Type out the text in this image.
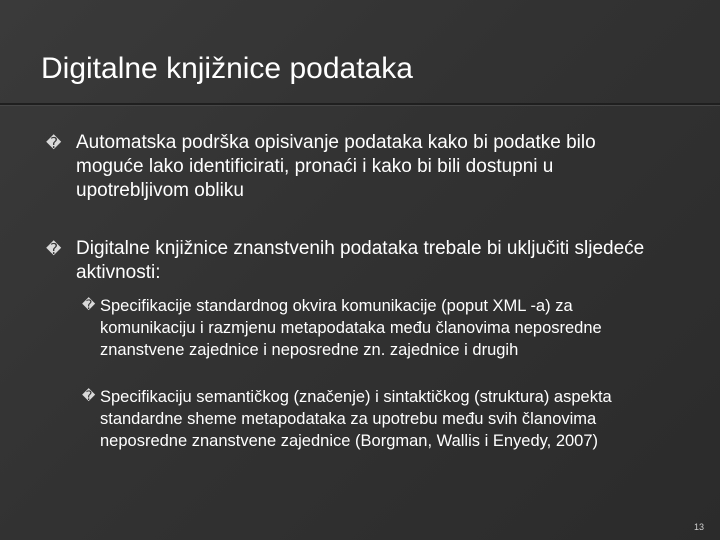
Digitalne knjižnice podataka
� Automatska podrška opisivanje podataka kako bi podatke bilo moguće lako identificirati, pronaći i kako bi bili dostupni u upotrebljivom obliku
� Digitalne knjižnice znanstvenih podataka trebale bi uključiti sljedeće aktivnosti:
� Specifikacije standardnog okvira komunikacije (poput XML -a) za komunikaciju i razmjenu metapodataka među članovima neposredne znanstvene zajednice i neposredne zn. zajednice i drugih
� Specifikaciju semantičkog (značenje) i sintaktičkog (struktura) aspekta standardne sheme metapodataka za upotrebu među svih članovima neposredne znanstvene zajednice (Borgman, Wallis i Enyedy, 2007)
13
